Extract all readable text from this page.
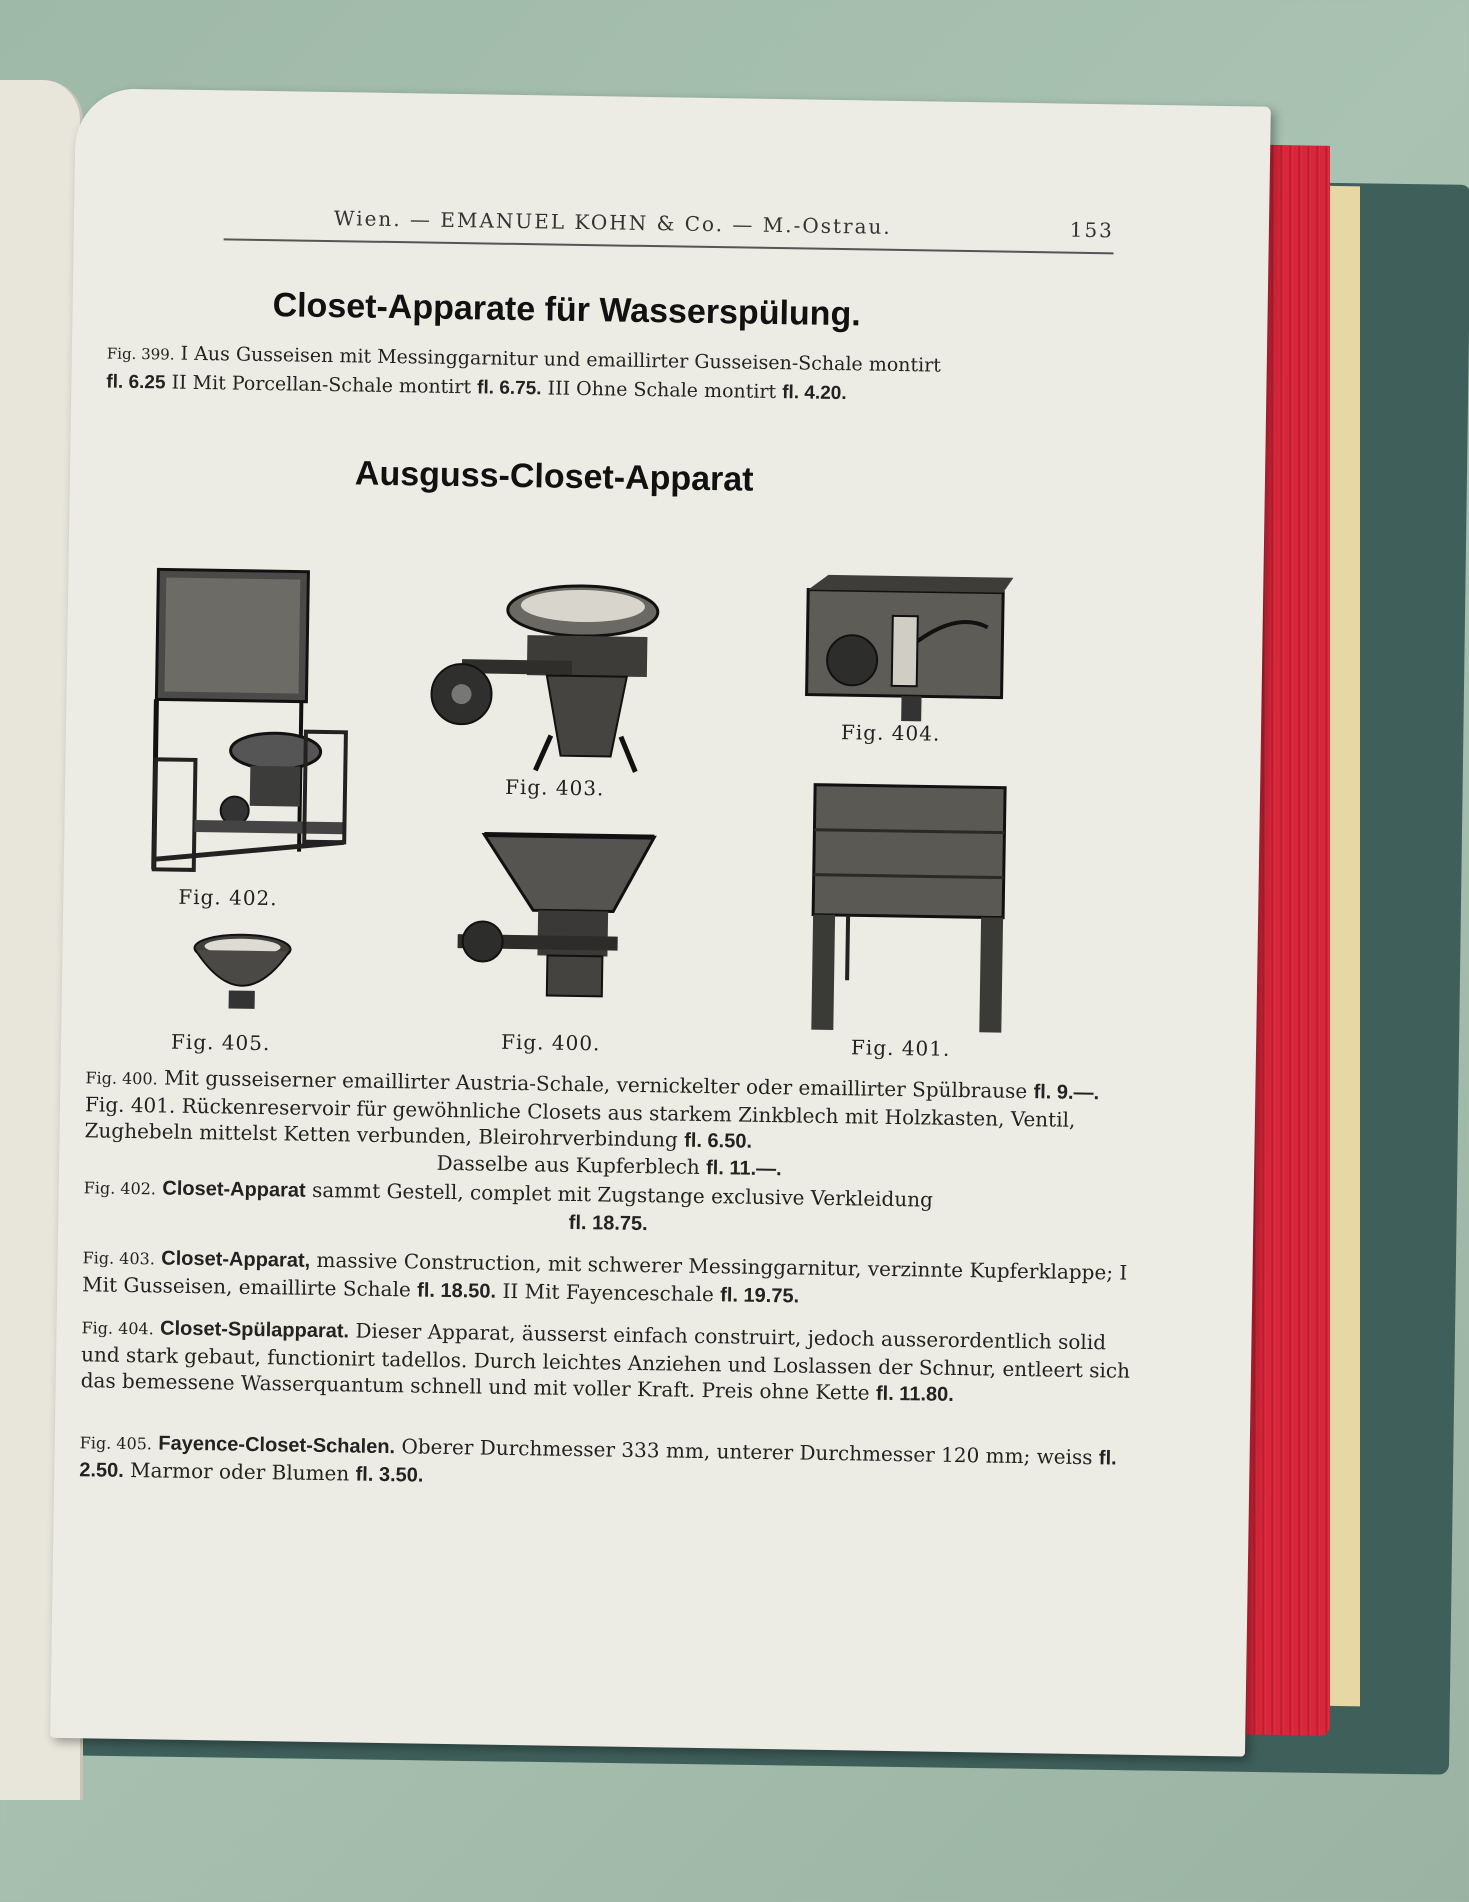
Wien. — EMANUEL KOHN & Co. — M.-Ostrau.	153
Closet-Apparate für Wasserspülung.
Fig. 399. I Aus Gusseisen mit Messinggarnitur und emaillirter Gusseisen-Schale montirt
fl. 6.25 II Mit Porcellan-Schale montirt fl. 6.75. III Ohne Schale montirt fl. 4.20.
Ausguss-Closet-Apparat
Fig. 402.
Fig. 403.
Fig. 404.
Fig. 405.	Fig. 400.	Fig. 401.
Fig. 400. Mit gusseiserner emaillirter Austria-Schale, vernickelter oder emaillirter Spülbrause fl. 9.—. Fig. 401. Rückenreservoir für gewöhnliche Closets aus starkem Zinkblech mit Holzkasten, Ventil, Zughebeln mittelst Ketten verbunden, Bleirohrverbindung fl. 6.50.
Dasselbe aus Kupferblech fl. 11.—.
Fig. 402. Closet-Apparat sammt Gestell, complet mit Zugstange exclusive Verkleidung
fl. 18.75.
Fig. 403. Closet-Apparat, massive Construction, mit schwerer Messinggarnitur, verzinnte Kupferklappe; I Mit Gusseisen, emaillirte Schale fl. 18.50. II Mit Fayenceschale fl. 19.75.
Fig. 404. Closet-Spülapparat. Dieser Apparat, äusserst einfach construirt, jedoch ausserordentlich solid und stark gebaut, functionirt tadellos. Durch leichtes Anziehen und Loslassen der Schnur, entleert sich das bemessene Wasserquantum schnell und mit voller Kraft. Preis ohne Kette fl. 11.80.
Fig. 405. Fayence-Closet-Schalen. Oberer Durchmesser 333 mm, unterer Durchmesser 120 mm; weiss fl. 2.50. Marmor oder Blumen fl. 3.50.
